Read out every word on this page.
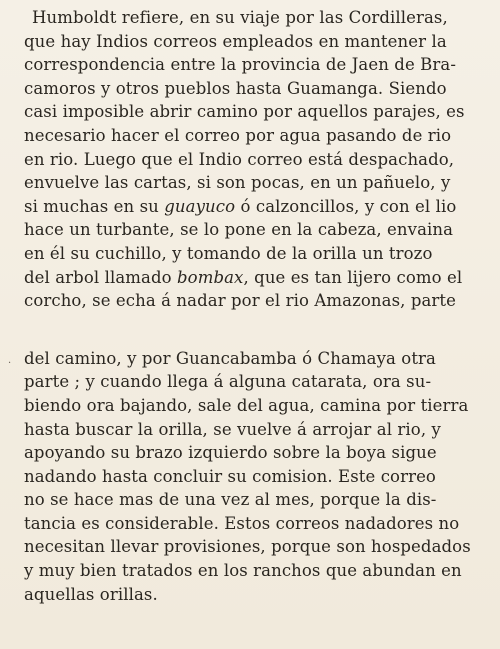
·
Humboldt refiere, en su viaje por las Cordilleras,
que hay Indios correos empleados en mantener la
correspondencia entre la provincia de Jaen de Bra-
camoros y otros pueblos hasta Guamanga. Siendo
casi imposible abrir camino por aquellos parajes, es
necesario hacer el correo por agua pasando de rio
en rio. Luego que el Indio correo está despachado,
envuelve las cartas, si son pocas, en un pañuelo, y
si muchas en su guayuco ó calzoncillos, y con el lio
hace un turbante, se lo pone en la cabeza, envaina
en él su cuchillo, y tomando de la orilla un trozo
del arbol llamado bombax, que es tan lijero como el
corcho, se echa á nadar por el rio Amazonas, parte
del camino, y por Guancabamba ó Chamaya otra
parte ; y cuando llega á alguna catarata, ora su-
biendo ora bajando, sale del agua, camina por tierra
hasta buscar la orilla, se vuelve á arrojar al rio, y
apoyando su brazo izquierdo sobre la boya sigue
nadando hasta concluir su comision. Este correo
no se hace mas de una vez al mes, porque la dis-
tancia es considerable. Estos correos nadadores no
necesitan llevar provisiones, porque son hospedados
y muy bien tratados en los ranchos que abundan en
aquellas orillas.
